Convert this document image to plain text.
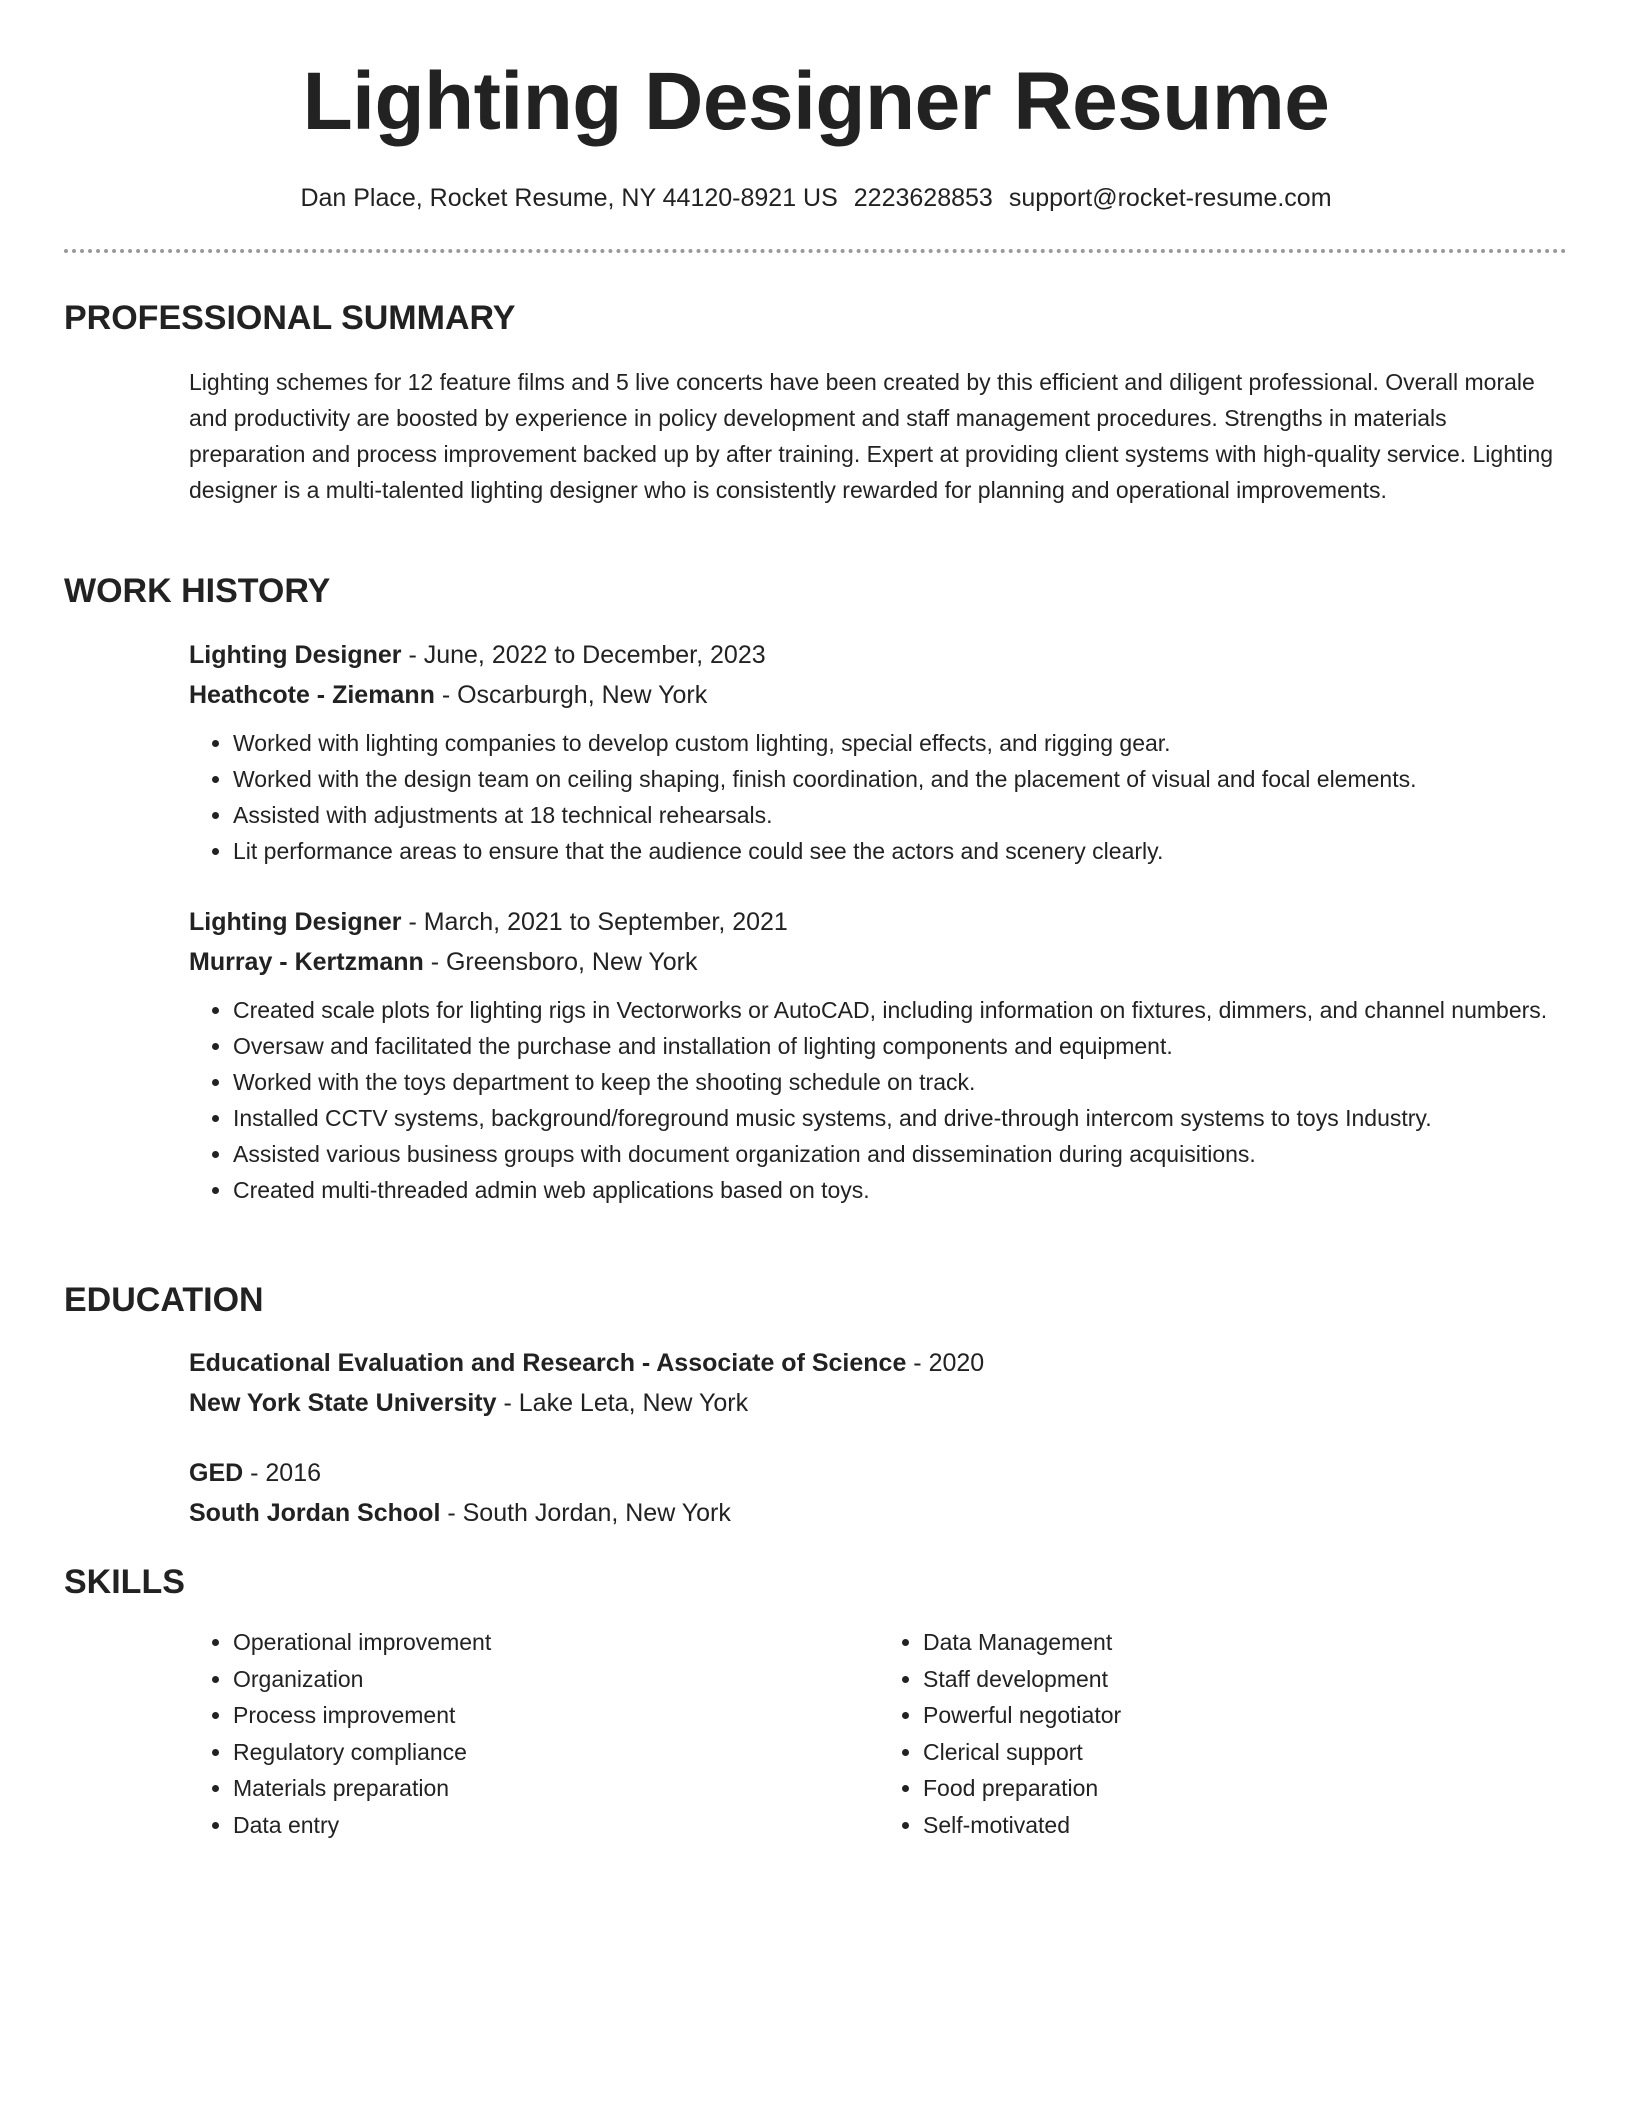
Lighting Designer Resume
Dan Place, Rocket Resume, NY 44120-8921 US 2223628853 support@rocket-resume.com
PROFESSIONAL SUMMARY

Lighting schemes for 12 feature films and 5 live concerts have been created by this efficient and diligent professional. Overall morale and productivity are boosted by experience in policy development and staff management procedures. Strengths in materials preparation and process improvement backed up by after training. Expert at providing client systems with high-quality service. Lighting designer is a multi-talented lighting designer who is consistently rewarded for planning and operational improvements.

WORK HISTORY

Lighting Designer - June, 2022 to December, 2023

Heathcote - Ziemann - Oscarburgh, New York

• Worked with lighting companies to develop custom lighting, special effects, and rigging gear.
• Worked with the design team on ceiling shaping, finish coordination, and the placement of visual and focal elements.
• Assisted with adjustments at 18 technical rehearsals.
• Lit performance areas to ensure that the audience could see the actors and scenery clearly.

Lighting Designer - March, 2021 to September, 2021

Murray - Kertzmann - Greensboro, New York

• Created scale plots for lighting rigs in Vectorworks or AutoCAD, including information on fixtures, dimmers, and channel numbers.
• Oversaw and facilitated the purchase and installation of lighting components and equipment.
• Worked with the toys department to keep the shooting schedule on track.
• Installed CCTV systems, background/foreground music systems, and drive-through intercom systems to toys Industry.
• Assisted various business groups with document organization and dissemination during acquisitions.
• Created multi-threaded admin web applications based on toys.
EDUCATION

Educational Evaluation and Research - Associate of Science - 2020

New York State University - Lake Leta, New York

GED - 2016

South Jordan School - South Jordan, New York

SKILLS
• Operational improvement
• Organization
• Process improvement
• Regulatory compliance
• Materials preparation
• Data entry
• Data Management
• Staff development
• Powerful negotiator
• Clerical support
• Food preparation
• Self-motivated
